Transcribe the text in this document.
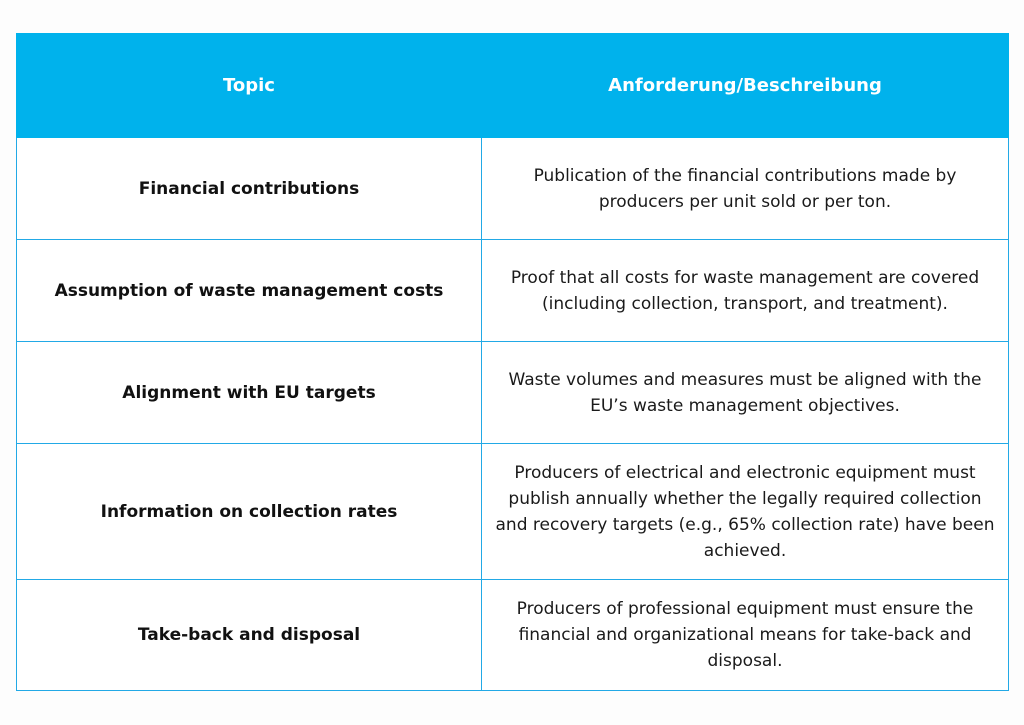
Topic	Anforderung/Beschreibung
Financial contributions	Publication of the financial contributions made by producers per unit sold or per ton.
Assumption of waste management costs	Proof that all costs for waste management are covered (including collection, transport, and treatment).
Alignment with EU targets	Waste volumes and measures must be aligned with the EU’s waste management objectives.
Information on collection rates	Producers of electrical and electronic equipment must publish annually whether the legally required collection and recovery targets (e.g., 65% collection rate) have been achieved.
Take-back and disposal	Producers of professional equipment must ensure the financial and organizational means for take-back and disposal.
